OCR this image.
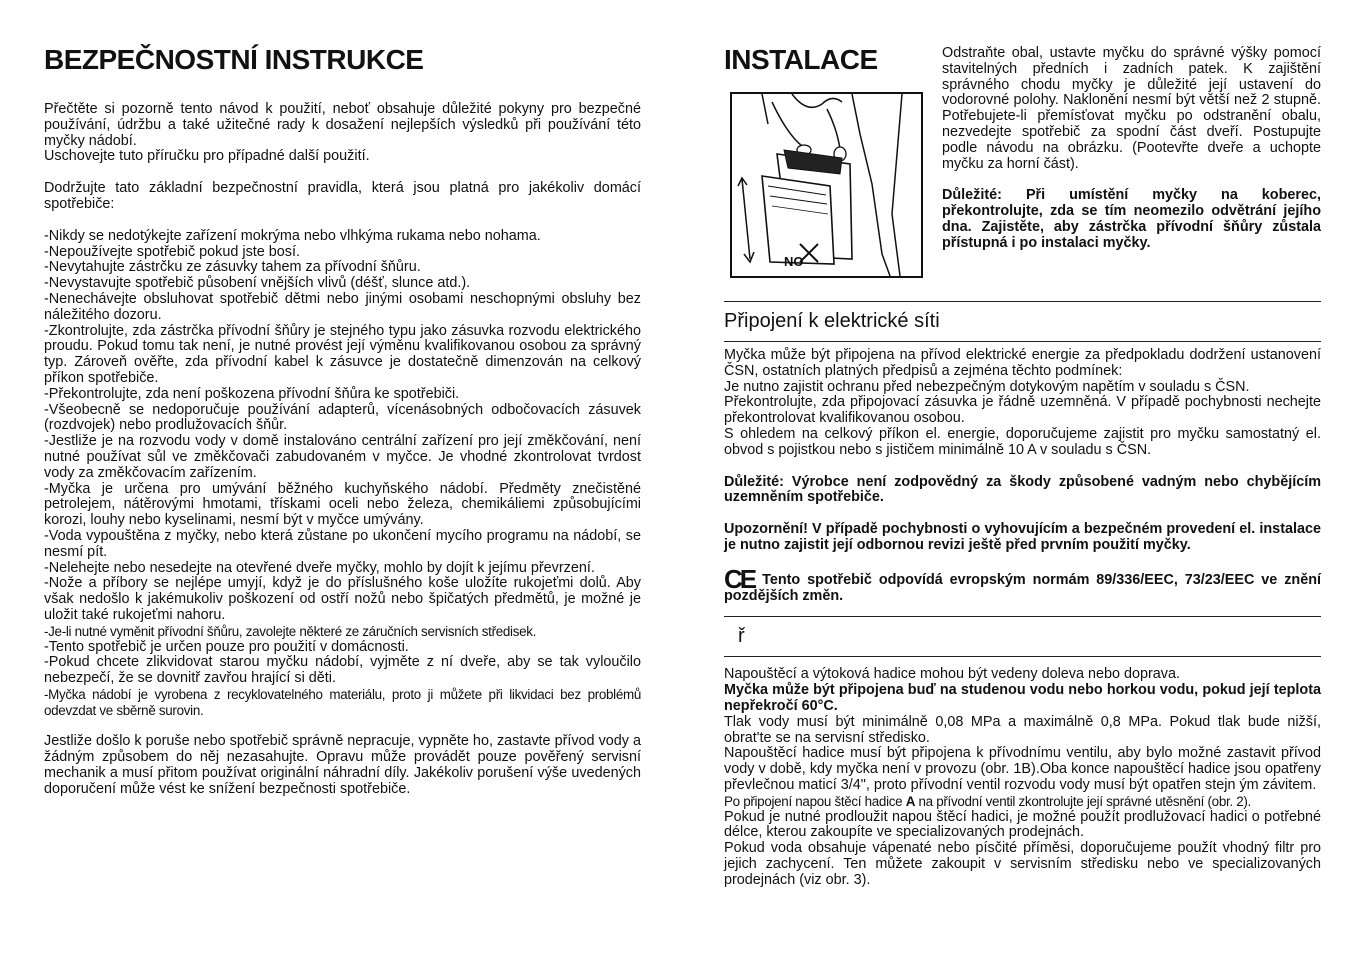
BEZPEČNOSTNÍ INSTRUKCE

Přečtěte si pozorně tento návod k použití, neboť obsahuje důležité pokyny pro bezpečné používání, údržbu a také užitečné rady k dosažení nejlepších výsledků při používání této myčky nádobí.

Uschovejte tuto příručku pro případné další použití.

Dodržujte tato základní bezpečnostní pravidla, která jsou platná pro jakékoliv domácí spotřebiče:

-Nikdy se nedotýkejte zařízení mokrýma nebo vlhkýma rukama nebo nohama.

-Nepoužívejte spotřebič pokud jste bosí.

-Nevytahujte zástrčku ze zásuvky tahem za přívodní šňůru.

-Nevystavujte spotřebič působení vnějších vlivů (déšť, slunce atd.).

-Nenechávejte obsluhovat spotřebič dětmi nebo jinými osobami neschopnými obsluhy bez náležitého dozoru.

-Zkontrolujte, zda zástrčka přívodní šňůry je stejného typu jako zásuvka rozvodu elektrického proudu. Pokud tomu tak není, je nutné provést její výměnu kvalifikovanou osobou za správný typ. Zároveň ověřte, zda přívodní kabel k zásuvce je dostatečně dimenzován na celkový příkon spotřebiče.

-Překontrolujte, zda není poškozena přívodní šňůra ke spotřebiči.

-Všeobecně se nedoporučuje používání adapterů, vícenásobných odbočovacích zásuvek (rozdvojek) nebo prodlužovacích šňůr.

-Jestliže je na rozvodu vody v domě instalováno centrální zařízení pro její změkčování, není nutné používat sůl ve změkčovači zabudovaném v myčce. Je vhodné zkontrolovat tvrdost vody za změkčovacím zařízením.

-Myčka je určena pro umývání běžného kuchyňského nádobí. Předměty znečistěné petrolejem, nátěrovými hmotami, třískami oceli nebo železa, chemikáliemi způsobujícími korozi, louhy nebo kyselinami, nesmí být v myčce umývány.

-Voda vypouštěna z myčky, nebo která zůstane po ukončení mycího programu na nádobí, se nesmí pít.

-Nelehejte nebo nesedejte na otevřené dveře myčky, mohlo by dojít k jejímu převrzení.

-Nože a příbory se nejlépe umyjí, když je do příslušného koše uložíte rukojeťmi dolů. Aby však nedošlo k jakémukoliv poškození od ostří nožů nebo špičatých předmětů, je možné je uložit také rukojeťmi nahoru.

-Je-li nutné vyměnit přívodní šňůru, zavolejte některé ze záručních servisních středisek.

-Tento spotřebič je určen pouze pro použití v domácnosti.

-Pokud chcete zlikvidovat starou myčku nádobí, vyjměte z ní dveře, aby se tak vyloučilo nebezpečí, že se dovnitř zavřou hrající si děti.

-Myčka nádobí je vyrobena z recyklovatelného materiálu, proto ji můžete při likvidaci bez problémů odevzdat ve sběrně surovin.

Jestliže došlo k poruše nebo spotřebič správně nepracuje, vypněte ho, zastavte přívod vody a žádným způsobem do něj nezasahujte. Opravu může provádět pouze pověřený servisní mechanik a musí přitom používat originální náhradní díly. Jakékoliv porušení výše uvedených doporučení může vést ke snížení bezpečnosti spotřebiče.

INSTALACE
NO

Odstraňte obal, ustavte myčku do správné výšky pomocí stavitelných předních i zadních patek. K zajištění správného chodu myčky je důležité její ustavení do vodorovné polohy. Naklonění nesmí být větší než 2 stupně. Potřebujete-li přemísťovat myčku po odstranění obalu, nezvedejte spotřebič za spodní část dveří. Postupujte podle návodu na obrázku. (Pootevřte dveře a uchopte myčku za horní část).

Důležité: Při umístění myčky na koberec, překontrolujte, zda se tím neomezilo odvětrání jejího dna. Zajistěte, aby zástrčka přívodní šňůry zůstala přístupná i po instalaci myčky.

Připojení k elektrické síti

Myčka může být připojena na přívod elektrické energie za předpokladu dodržení ustanovení ČSN, ostatních platných předpisů a zejména těchto podmínek:

Je nutno zajistit ochranu před nebezpečným dotykovým napětím v souladu s ČSN.

Překontrolujte, zda připojovací zásuvka je řádně uzemněná. V případě pochybnosti nechejte překontrolovat kvalifikovanou osobou.

S ohledem na celkový příkon el. energie, doporučujeme zajistit pro myčku samostatný el. obvod s pojistkou nebo s jističem minimálně 10 A v souladu s ČSN.

Důležité: Výrobce není zodpovědný za škody způsobené vadným nebo chybějícím uzemněním spotřebiče.

Upozornění! V případě pochybnosti o vyhovujícím a bezpečném provedení el. instalace je nutno zajistit její odbornou revizi ještě před prvním použití myčky.

CE Tento spotřebič odpovídá evropským normám 89/336/EEC, 73/23/EEC ve znění pozdějších změn.

ř

Napouštěcí a výtoková hadice mohou být vedeny doleva nebo doprava.

Myčka může být připojena buď na studenou vodu nebo horkou vodu, pokud její teplota nepřekročí 60°C.

Tlak vody musí být minimálně 0,08 MPa a maximálně 0,8 MPa. Pokud tlak bude nižší, obrat'te se na servisní středisko.

Napouštěcí hadice musí být připojena k přívodnímu ventilu, aby bylo možné zastavit přívod vody v době, kdy myčka není v provozu (obr. 1B).Oba konce napouštěcí hadice jsou opatřeny převlečnou maticí 3/4", proto přívodní ventil rozvodu vody musí být opatřen stejn ým závitem.

Po připojení napou štěcí hadice A na přívodní ventil zkontrolujte její správné utěsnění (obr. 2).

Pokud je nutné prodloužit napou štěcí hadici, je možné použít prodlužovací hadici o potřebné délce, kterou zakoupíte ve specializovaných prodejnách.

Pokud voda obsahuje vápenaté nebo písčité příměsi, doporučujeme použít vhodný filtr pro jejich zachycení. Ten můžete zakoupit v servisním středisku nebo ve specializovaných prodejnách (viz obr. 3).
